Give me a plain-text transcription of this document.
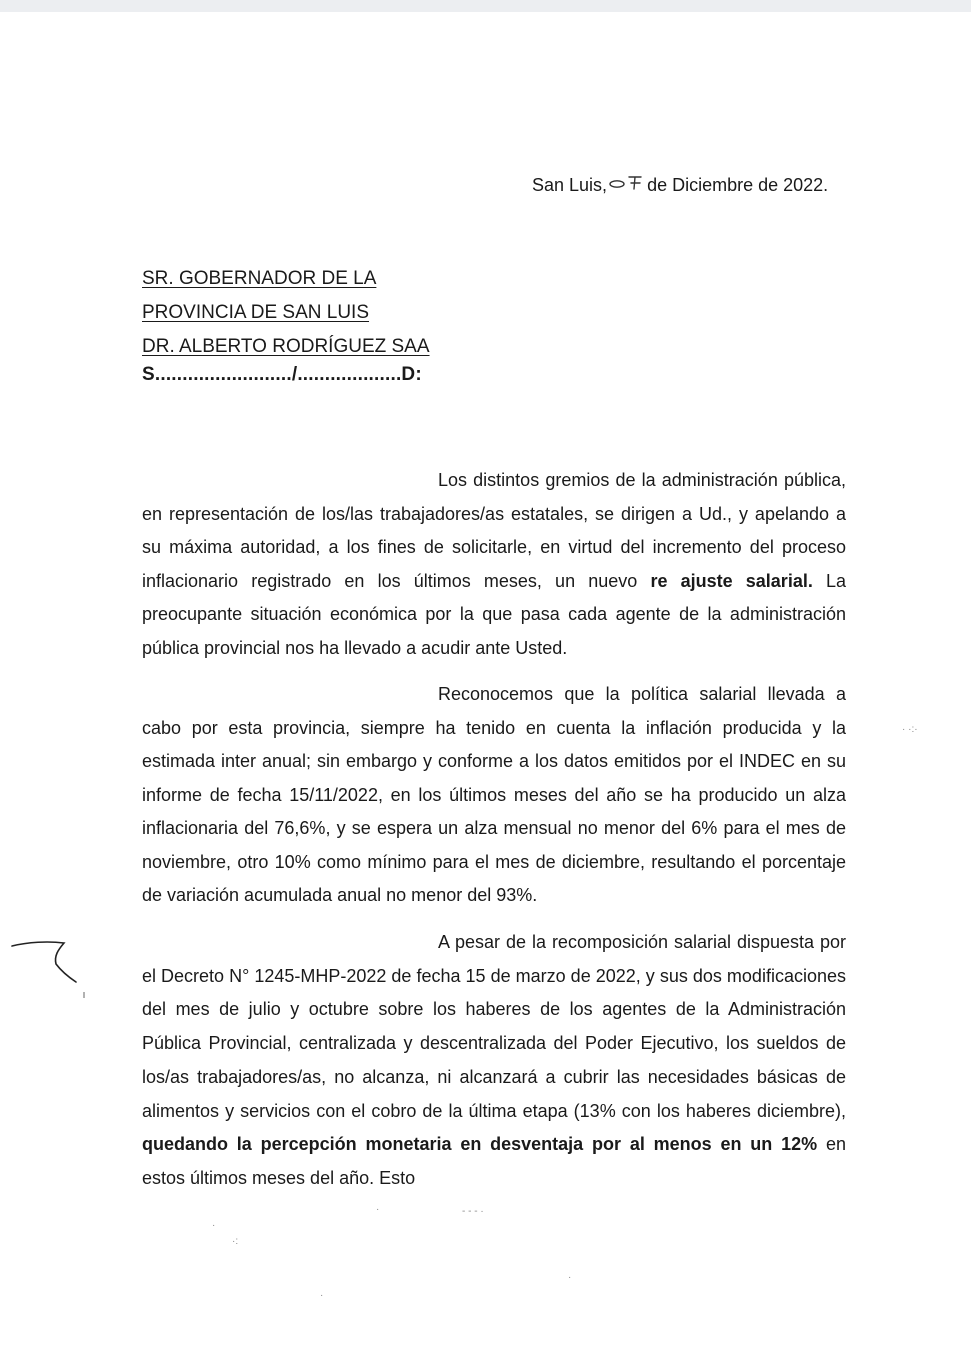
San Luis, de Diciembre de 2022.
SR. GOBERNADOR DE LA
PROVINCIA DE SAN LUIS
DR. ALBERTO RODRÍGUEZ SAA
S........................./...................D:

Los distintos gremios de la administración pública, en representación de los/las trabajadores/as estatales, se dirigen a Ud., y apelando a su máxima autoridad, a los fines de solicitarle, en virtud del incremento del proceso inflacionario registrado en los últimos meses, un nuevo re ajuste salarial. La preocupante situación económica por la que pasa cada agente de la administración pública provincial nos ha llevado a acudir ante Usted.

Reconocemos que la política salarial llevada a cabo por esta provincia, siempre ha tenido en cuenta la inflación producida y la estimada inter anual; sin embargo y conforme a los datos emitidos por el INDEC en su informe de fecha 15/11/2022, en los últimos meses del año se ha producido un alza inflacionaria del 76,6%, y se espera un alza mensual no menor del 6% para el mes de noviembre, otro 10% como mínimo para el mes de diciembre, resultando el porcentaje de variación acumulada anual no menor del 93%.

A pesar de la recomposición salarial dispuesta por el Decreto N° 1245-MHP-2022 de fecha 15 de marzo de 2022, y sus dos modificaciones del mes de julio y octubre sobre los haberes de los agentes de la Administración Pública Provincial, centralizada y descentralizada del Poder Ejecutivo, los sueldos de los/as trabajadores/as, no alcanza, ni alcanzará a cubrir las necesidades básicas de alimentos y servicios con el cobro de la última etapa (13% con los haberes diciembre), quedando la percepción monetaria en desventaja por al menos en un 12% en estos últimos meses del año. Esto

· ·:·
·
·:
‑ ‑ ‑ ·
·
·
·
